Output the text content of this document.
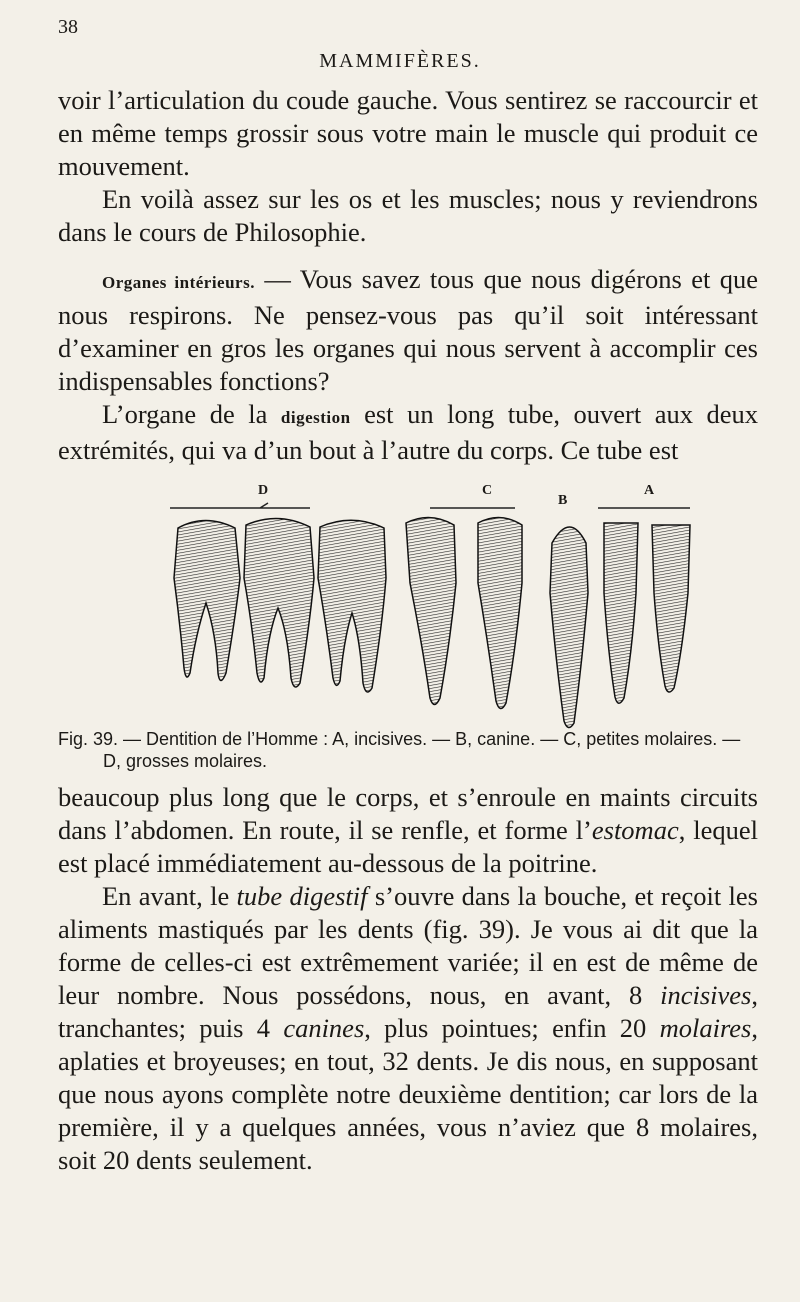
38
MAMMIFÈRES.

voir l’articulation du coude gauche. Vous sentirez se raccourcir et en même temps grossir sous votre main le muscle qui produit ce mouvement.

En voilà assez sur les os et les muscles; nous y reviendrons dans le cours de Philosophie.

Organes intérieurs. — Vous savez tous que nous digérons et que nous respirons. Ne pensez-vous pas qu’il soit intéressant d’examiner en gros les organes qui nous servent à accomplir ces indispensables fonctions?

L’organe de la digestion est un long tube, ouvert aux deux extrémités, qui va d’un bout à l’autre du corps. Ce tube est

D	C
B
A
Fig. 39. — Dentition de l’Homme : A, incisives. — B, canine. — C, petites molaires. —
D, grosses molaires.

beaucoup plus long que le corps, et s’enroule en maints circuits dans l’abdomen. En route, il se renfle, et forme l’estomac, lequel est placé immédiatement au-dessous de la poitrine.

En avant, le tube digestif s’ouvre dans la bouche, et reçoit les aliments mastiqués par les dents (fig. 39). Je vous ai dit que la forme de celles-ci est extrêmement variée; il en est de même de leur nombre. Nous possédons, nous, en avant, 8 incisives, tranchantes; puis 4 canines, plus pointues; enfin 20 molaires, aplaties et broyeuses; en tout, 32 dents. Je dis nous, en supposant que nous ayons complète notre deuxième dentition; car lors de la première, il y a quelques années, vous n’aviez que 8 molaires, soit 20 dents seulement.
